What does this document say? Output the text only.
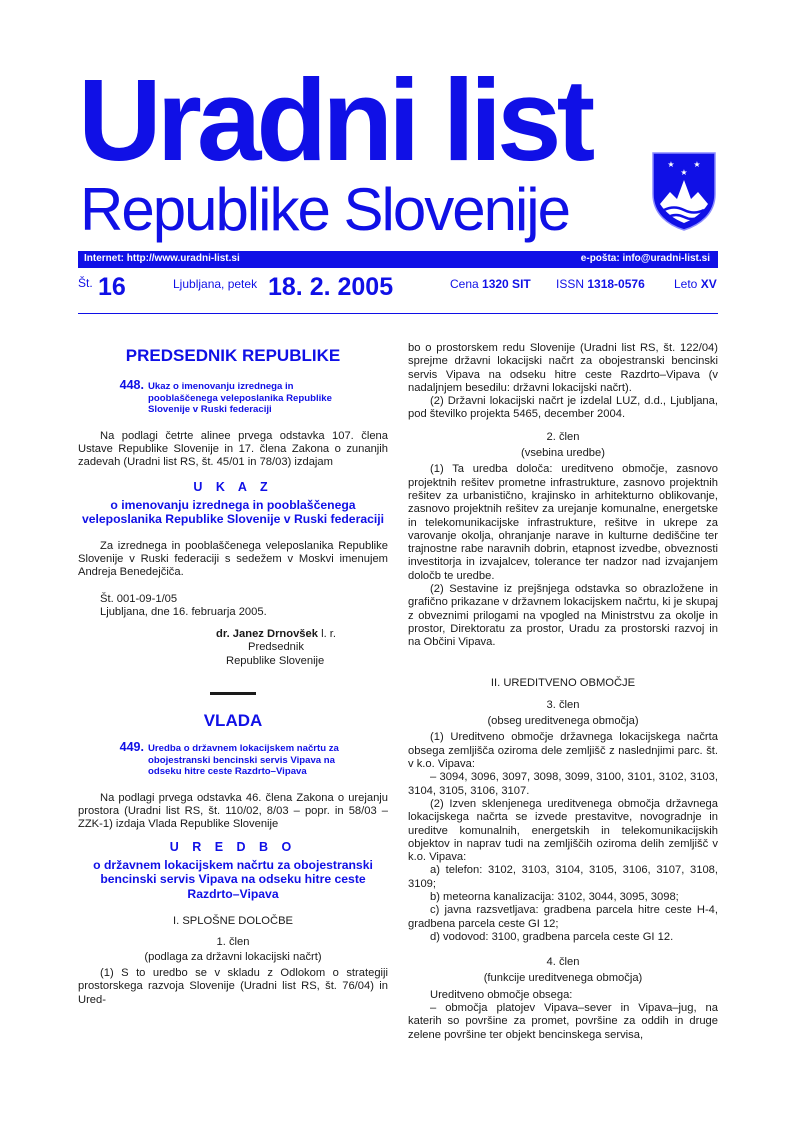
Uradni list
Republike Slovenije
★ ★
★
Internet: http://www.uradni-list.si	e-pošta: info@uradni-list.si
Št. 16	Ljubljana, petek 18. 2. 2005	Cena 1320 SIT ISSN 1318-0576 Leto XV

PREDSEDNIK REPUBLIKE

448. Ukaz o imenovanju izrednega in pooblaščenega veleposlanika Republike Slovenije v Ruski federaciji

Na podlagi četrte alinee prvega odstavka 107. člena Ustave Republike Slovenije in 17. člena Zakona o zunanjih zadevah (Uradni list RS, št. 45/01 in 78/03) izdajam

U K A Z

o imenovanju izrednega in pooblaščenega veleposlanika Republike Slovenije v Ruski federaciji

Za izrednega in pooblaščenega veleposlanika Republike Slovenije v Ruski federaciji s sedežem v Moskvi imenujem Andreja Benedejčiča.

Št. 001-09-1/05

Ljubljana, dne 16. februarja 2005.

dr. Janez Drnovšek l. r.

Predsednik

Republike Slovenije

VLADA

449. Uredba o državnem lokacijskem načrtu za obojestranski bencinski servis Vipava na odseku hitre ceste Razdrto–Vipava

Na podlagi prvega odstavka 46. člena Zakona o urejanju prostora (Uradni list RS, št. 110/02, 8/03 – popr. in 58/03 – ZZK-1) izdaja Vlada Republike Slovenije

U R E D B O

o državnem lokacijskem načrtu za obojestranski bencinski servis Vipava na odseku hitre ceste Razdrto–Vipava

I. SPLOŠNE DOLOČBE

1. člen

(podlaga za državni lokacijski načrt)

(1) S to uredbo se v skladu z Odlokom o strategiji prostorskega razvoja Slovenije (Uradni list RS, št. 76/04) in Ured-

bo o prostorskem redu Slovenije (Uradni list RS, št. 122/04) sprejme državni lokacijski načrt za obojestranski bencinski servis Vipava na odseku hitre ceste Razdrto–Vipava (v nadaljnjem besedilu: državni lokacijski načrt).

(2) Državni lokacijski načrt je izdelal LUZ, d.d., Ljubljana, pod številko projekta 5465, december 2004.

2. člen

(vsebina uredbe)

(1) Ta uredba določa: ureditveno območje, zasnovo projektnih rešitev prometne infrastrukture, zasnovo projektnih rešitev za urbanistično, krajinsko in arhitekturno oblikovanje, zasnovo projektnih rešitev za urejanje komunalne, energetske in telekomunikacijske infrastrukture, rešitve in ukrepe za varovanje okolja, ohranjanje narave in kulturne dediščine ter trajnostne rabe naravnih dobrin, etapnost izvedbe, obveznosti investitorja in izvajalcev, tolerance ter nadzor nad izvajanjem določb te uredbe.

(2) Sestavine iz prejšnjega odstavka so obrazložene in grafično prikazane v državnem lokacijskem načrtu, ki je skupaj z obveznimi prilogami na vpogled na Ministrstvu za okolje in prostor, Direktoratu za prostor, Uradu za prostorski razvoj in na Občini Vipava.

II. UREDITVENO OBMOČJE

3. člen

(obseg ureditvenega območja)

(1) Ureditveno območje državnega lokacijskega načrta obsega zemljišča oziroma dele zemljišč z naslednjimi parc. št. v k.o. Vipava:

– 3094, 3096, 3097, 3098, 3099, 3100, 3101, 3102, 3103, 3104, 3105, 3106, 3107.

(2) Izven sklenjenega ureditvenega območja državnega lokacijskega načrta se izvede prestavitve, novogradnje in ureditve komunalnih, energetskih in telekomunikacijskih objektov in naprav tudi na zemljiščih oziroma delih zemljišč v k.o. Vipava:

a) telefon: 3102, 3103, 3104, 3105, 3106, 3107, 3108, 3109;

b) meteorna kanalizacija: 3102, 3044, 3095, 3098;

c) javna razsvetljava: gradbena parcela hitre ceste H-4, gradbena parcela ceste GI 12;

d) vodovod: 3100, gradbena parcela ceste GI 12.

4. člen

(funkcije ureditvenega območja)

Ureditveno območje obsega:

– območja platojev Vipava–sever in Vipava–jug, na katerih so površine za promet, površine za oddih in druge zelene površine ter objekt bencinskega servisa,
